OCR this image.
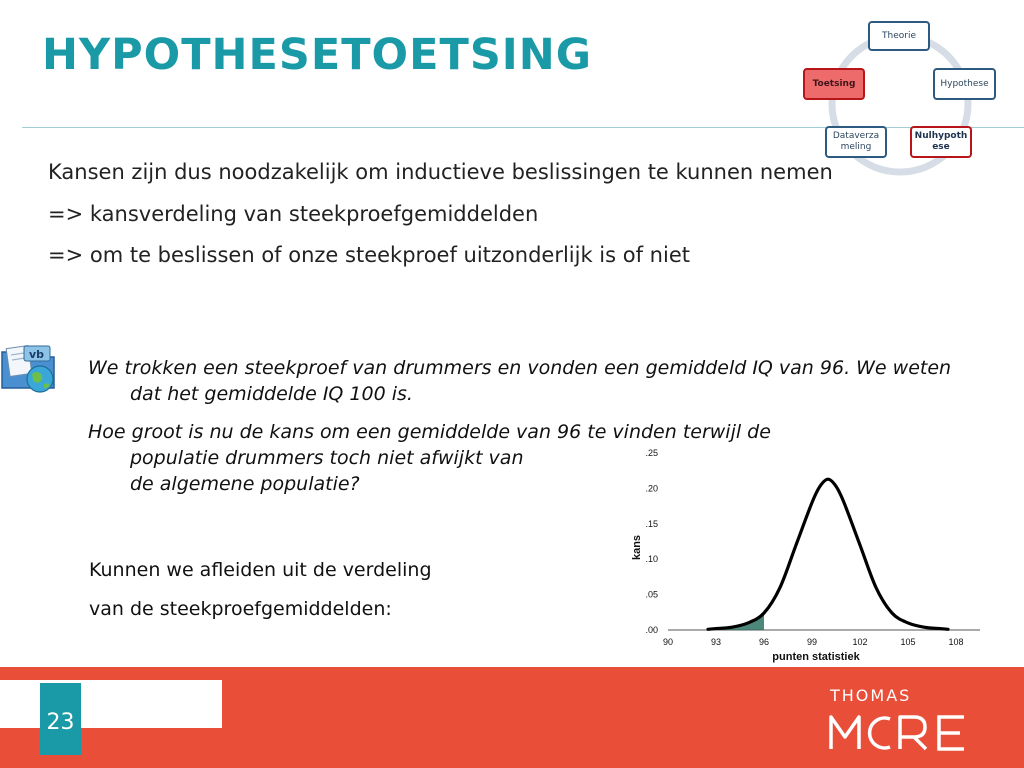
HYPOTHESETOETSING	Theorie
Hypothese
Nulhypothese
Dataverzameling
Toetsing

Kansen zijn dus noodzakelijk om inductieve beslissingen te kunnen nemen

=> kansverdeling van steekproefgemiddelden

=> om te beslissen of onze steekproef uitzonderlijk is of niet

vb

We trokken een steekproef van drummers en vonden een gemiddeld IQ van 96. We weten dat het gemiddelde IQ 100 is.

Hoe groot is nu de kans om een gemiddelde van 96 te vinden terwijl de
populatie drummers toch niet afwijkt van
de algemene populatie?

Kunnen we afleiden uit de verdeling

van de steekproefgemiddelden:

.00
.05
.10
.15
.20
.25
90	93	96	99	102	105	108
punten statistiek
kans
23
THOMAS
